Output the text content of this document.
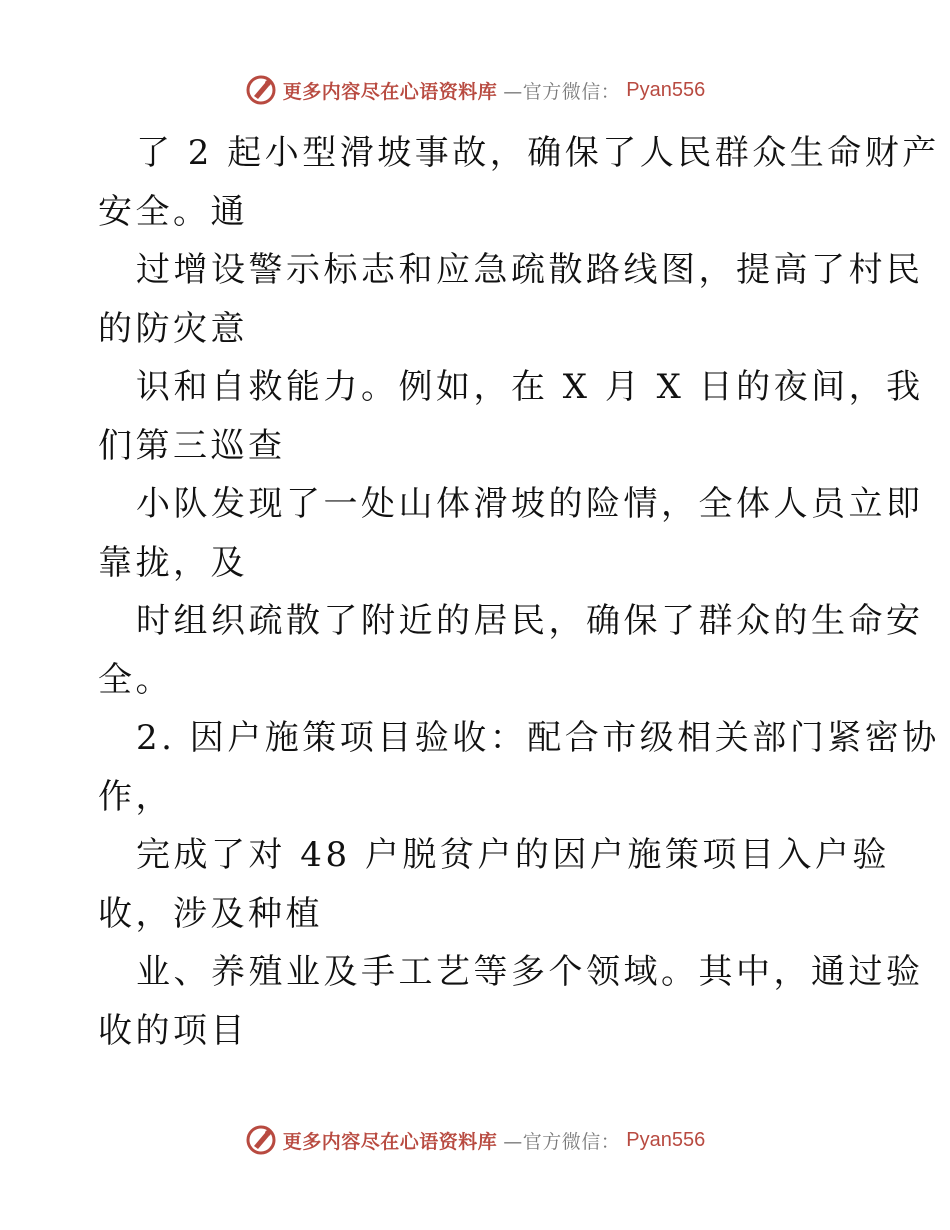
更多内容尽在心语资料库 —官方微信： Pyan556
了 2 起小型滑坡事故，确保了人民群众生命财产
安全。通
过增设警示标志和应急疏散路线图，提高了村民
的防灾意
识和自救能力。例如，在 X 月 X 日的夜间，我
们第三巡查
小队发现了一处山体滑坡的险情，全体人员立即
靠拢，及
时组织疏散了附近的居民，确保了群众的生命安
全。
2. 因户施策项目验收：配合市级相关部门紧密协
作，
完成了对 48 户脱贫户的因户施策项目入户验
收，涉及种植
业、养殖业及手工艺等多个领域。其中，通过验
收的项目
更多内容尽在心语资料库 —官方微信： Pyan556
